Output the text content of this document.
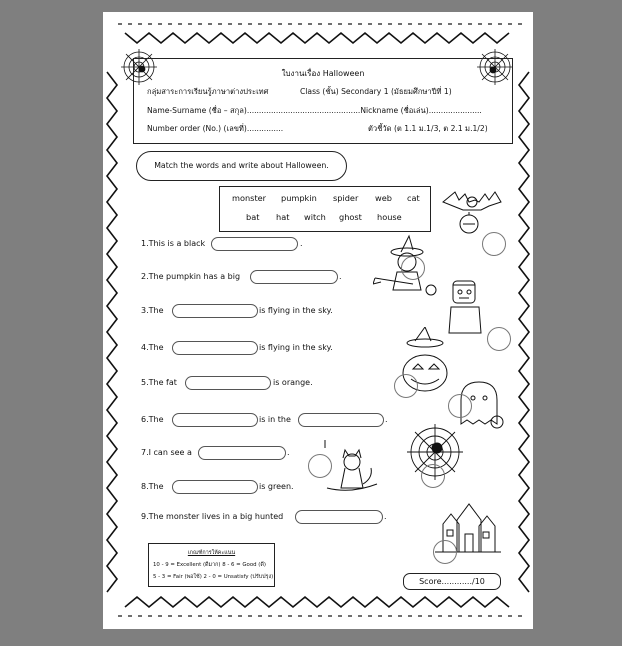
ใบงานเรื่อง Halloween
กลุ่มสาระการเรียนรู้ภาษาต่างประเทศ	Class (ชั้น) Secondary 1 (มัธยมศึกษาปีที่ 1)
Name-Surname (ชื่อ – สกุล)...............................................Nickname (ชื่อเล่น)......................
Number order (No.) (เลขที่)...............	ตัวชี้วัด (ต 1.1 ม.1/3, ต 2.1 ม.1/2)
Match the words and write about Halloween.
monster pumpkin spider web cat
bat hat witch ghost house
1.This is a black	.
2.The pumpkin has a big	.
3.The	is flying in the sky.
4.The	is flying in the sky.
5.The fat	is orange.
6.The	is in the	.
7.I can see a	.
8.The	is green.
9.The monster lives in a big hunted	.
เกณฑ์การให้คะแนน
10 - 9 = Excellent (ดีมาก) 8 - 6 = Good (ดี)
5 - 3 = Fair (พอใช้) 2 - 0 = Unsatisfy (ปรับปรุง)	Score............/10
